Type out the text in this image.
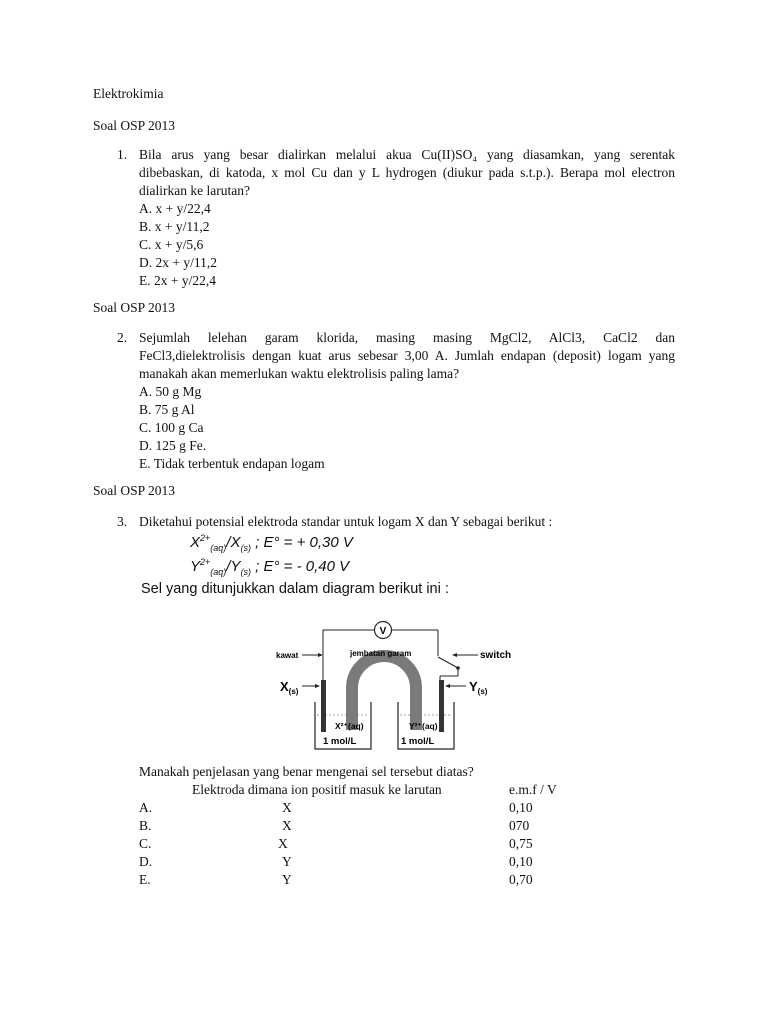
Elektrokimia
Soal OSP 2013
1. Bila arus yang besar dialirkan melalui akua Cu(II)SO₄ yang diasamkan, yang serentak
dibebaskan, di katoda, x mol Cu dan y L hydrogen (diukur pada s.t.p.). Berapa mol electron
dialirkan ke larutan?
A. x + y/22,4
B. x + y/11,2
C. x + y/5,6
D. 2x + y/11,2
E. 2x + y/22,4
Soal OSP 2013
2. Sejumlah lelehan garam klorida, masing masing MgCl2, AlCl3, CaCl2 dan
FeCl3,dielektrolisis dengan kuat arus sebesar 3,00 A. Jumlah endapan (deposit) logam yang
manakah akan memerlukan waktu elektrolisis paling lama?
A. 50 g Mg
B. 75 g Al
C. 100 g Ca
D. 125 g Fe.
E. Tidak terbentuk endapan logam
Soal OSP 2013
3. Diketahui potensial elektroda standar untuk logam X dan Y sebagai berikut :
$X^{2+}_{(aq)}/X_{(s)}$ ; E° = + 0,30 V
$Y^{2+}_{(aq)}/Y_{(s)}$ ; E° = - 0,40 V
Sel yang ditunjukkan dalam diagram berikut ini :
V
kawat	jembatan garam	switch
$X_{(s)}$	$Y_{(s)}$
X²⁺(aq)
1 mol/L
Y²⁺(aq)
1 mol/L
Manakah penjelasan yang benar mengenai sel tersebut diatas?
Elektroda dimana ion positif masuk ke larutan	e.m.f / V
A.	X	0,10
B.	X	070
C.	X	0,75
D.	Y	0,10
E.	Y	0,70
